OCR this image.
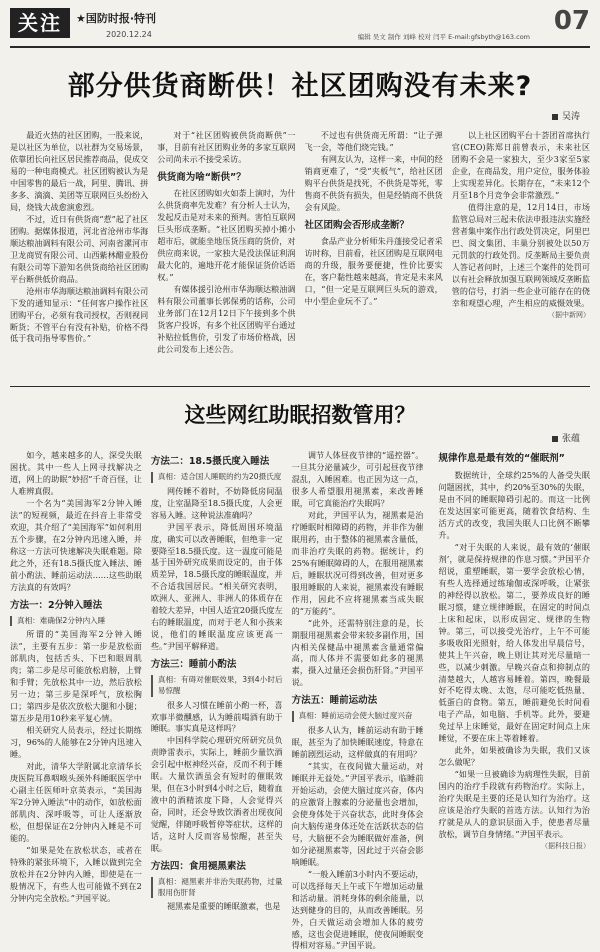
关注	★国防时报·特刊
2020.12.24	编辑 吴文 制作 刘峰 校对 闫平 E-mail:gfsbyth@163.com
07
部分供货商断供！社区团购没有未来?
吴涛

最近火热的社区团购，一股来说，是以社区为单位，以社群为交易场景，依靠团长向社区居民推荐商品，促成交易的一种电商模式。社区团购被认为是中国零售的最后一战，阿里、腾讯、拼多多、滴滴、美团等互联网巨头纷纷入局，烧钱大战愈演愈烈。

不过，近日有供货商“惹”起了社区团购。据媒体报道，河北省沧州市华海顺达粮油调料有限公司、河南省漯河市卫龙商贸有限公司、山西紫林醋业股份有限公司等下游知名供货商给社区团购平台断供低价商品。

沧州市华海顺达粮油调料有限公司下发的通知显示：“任何客户操作社区团购平台，必须有我司授权，否则视同断货；不管平台有没有补贴，价格不得低于我司指导零售价。”

对于“社区团购被供货商断供”一事，目前有社区团购业务的多家互联网公司尚未示不接受采访。

供货商为啥“断供”？

在社区团购如火如荼上演时，为什么供货商率先发难？有分析人士认为，发起反击是对未来的预判。害怕互联网巨头形成垄断。“社区团购买掉小摊小超市后，就能坐地压货压商的货价，对供应商来说，一家独大是没法保证利润最大化的，遍地开花才能保证货价话语权。”

有媒体援引沧州市华海顺达粮油调料有限公司董事长郭保勇的话称，公司业务部门在12月12日下午接到多个供货客户投诉，有多个社区团购平台通过补贴拉低售价，引发了市场价格战，因此公司发布上述公告。

不过也有供货商无所谓：“让子弹飞一会，等他们烧完钱。”

有网友认为，这样一来，中间的经销商更难了，“受”夹板气”，给社区团购平台供货是找死，不供货是等死，零售商不供货有损失，但是经销商不供货会有风险。

社区团购会否形成垄断？

食品产业分析师朱丹蓬接受记者采访时称，目前看，社区团购是互联网电商的升级，服务要便捷，性价比要实在，客户黏性越来越高，肯定是未来风口，“但一定是互联网巨头玩的游戏，中小型企业玩不了。”

以上社区团购平台十荟团首席执行官(CEO)陈郑日前曾表示，未来社区团购不会是一家独大，至少3家至5家企业，在商品发，用户定位，服务体验上实现差异化。长期存在，“未来12个月至18个月竞争会非常激烈。”

值得注意的是，12月14日，市场监管总局对三起未依法申报违法实施经营者集中案作出行政处罚决定，阿里巴巴、阅文集团、丰巢分别被处以50万元罚款的行政处罚。反垄断局主要负责人答记者问时，上述三个案件的处罚可以有社会释放加强互联网领域反垄断监管的信号，打消一些企业可能存在的侥幸和观望心理，产生相应的威慑效果。

（据中新网）
这些网红助眠招数管用？
张蕴

如今，越来越多的人，深受失眠困扰。其中一些人上网寻找解决之道，网上的助眠“妙招”千奇百怪，让人难辨真假。

一个名为“美国海军2分钟入睡法”的短视频，最近在抖音上非常受欢迎，其介绍了“美国海军”如何利用五个步骤，在2分钟内迅速入睡，并称这一方法可快速解决失眠难题。除此之外，还有18.5摄氏度入睡法、睡前小酌法、睡前运动法……这些助眠方法真的有效吗？

方法一：2分钟入睡法
真相：难确保2分钟内入睡

所谓的“美国海军2分钟入睡法”，主要有五步：第一步是放松面部肌肉，包括舌头、下巴和眼周肌肉；第二步是尽可能放松肩膀，上臂和手臂；先放松其中一边，然后放松另一边；第三步是深呼气，放松胸口；第四步是依次放松大腿和小腿；第五步是用10秒来平复心情。

相关研究人员表示，经过长期练习，96%的人能够在2分钟内迅速入睡。

对此，清华大学附属北京清华长庚医院耳鼻咽喉头颈外科睡眠医学中心副主任医师叶京英表示，“美国海军2分钟入睡法”中的动作，如放松面部肌肉、深呼吸等，可让人逐渐放松，但想保证在2分钟内入睡是不可能的。

“如果是处在放松状态，或者在特殊的紧张环境下，入睡以做到完全放松并在2分钟内入睡，即使是在一般情况下，有些人也可能做不到在2分钟内完全放松。”尹国平说。

方法二：18.5摄氏度入睡法
真相：适合国人睡眠的约为20摄氏度

网传睡不着时，不妨降低房间温度，让室温降至18.5摄氏度，人会更容易入睡。这种说法准确吗？

尹国平表示，降低周围环境温度，确实可以改善睡眠，但绝非一定要降至18.5摄氏度。这一温度可能是基于国外研究成果而设定的，由于体质差异，18.5摄氏度的睡眠温度，并不合适我国居民。“相关研究表明，欧洲人、亚洲人、非洲人的体质存在着较大差异，中国人适宜20摄氏度左右的睡眠温度，而对于老人和小孩来说，他们的睡眠温度应该更高一些。”尹国平解释道。

方法三：睡前小酌法
真相：有碍对催眠效果，3到4小时后易惊醒

很多人习惯在睡前小酌一杯，喜欢事半微醺感，认为睡前喝酒有助于睡眠。事实真是这样吗？

中国科学院心理研究所研究员负责睁雷表示，实际上，睡前少量饮酒会引起中枢神经兴奋，反而不利于睡眠。大量饮酒虽会有短时的催眠效果，但在3小时到4小时之后，随着血液中的酒精浓度下降，人会觉得兴奋，同时，还会导致饮酒者出现夜间觉醒，伴随呼吸暂停等症状，这样的话，这时人反而容易惊醒，甚至失眠。

方法四：食用褪黑素法
真相：褪黑素并非治失眠药物，过量服用伤肝肾

褪黑素是重要的睡眠激素，也是

调节人体昼夜节律的“遥控器”。一旦其分泌量减少，可引起昼夜节律混乱，入睡困难。也正因为这一点，很多人希望服用褪黑素，来改善睡眠，可它真能治疗失眠吗？

对此，尹国平认为，褪黑素是治疗睡眠时相障碍的药物，并非作为催眠用药，由于整体的褪黑素含量低，而非治疗失眠的药物。据统计，约25%有睡眠障碍的人，在服用褪黑素后，睡眠状况可得到改善，但对更多服用睡眠的人来说，褪黑素没有睡眠作用，因此不应将褪黑素当成失眠的“万能药”。

“此外，还需特别注意的是，长期服用褪黑素会带来较多副作用，国内相关保健品中褪黑素含量通常偏高，而人体并不需要如此多的褪黑素，摄入过量还会损伤肝肾。”尹国平说。

方法五：睡前运动法
真相：睡前运动会使大脑过度兴奋

很多人认为，睡前运动有助于睡眠，甚至为了加快睡眠速度，特意在睡前剧烈运动，这样做真的有用吗？

“其实，在夜间做大量运动，对睡眠并无益处。”尹国平表示，临睡前开始运动，会使大脑过度兴奋，体内的应激肾上腺素的分泌量也会增加，会使身体处于兴奋状态，此时身体会向大脑传递身体还处在活跃状态的信号，大脑便不会为睡眠做好准备，例如分泌褪黑素等，因此过于兴奋会影响睡眠。

“一般入睡前3小时内不要运动，可以选择每天上午或下午增加运动量和活动量。消耗身体的剩余能量，以达到健身的目的，从而改善睡眠。另外，白天做运动会增加人体的疲劳感，这也会促进睡眠，使夜间睡眠变得相对容易。”尹国平说。

规律作息是最有效的“催眠剂”

数据统计，全球约25%的人备受失眠问题困扰，其中，约20%至30%的失眠，是由不同的睡眠障碍引起的。而这一比例在发达国家可能更高，随着饮食结构、生活方式的改变，我国失眠人口比例不断攀升。

“对于失眠的人来说，最有效的‘催眠剂’，就是保持规律的作息习惯。”尹国平介绍说，重塑睡眠，第一要学会放松心情，有些人选择通过练瑜伽或深呼吸，让紧张的神经得以放松。第二，要养成良好的睡眠习惯，建立规律睡眠，在固定的时间点上床和起床，以形成固定、规律的生物钟。第三，可以接受光治疗，上午不可能多吸收阳光照射，给人体发出早晨信号，使其上午兴奋，晚上则让其对光尽量暗一些，以减少刺激。早晚兴奋点和抑制点的清楚越大，人越容易睡着。第四，晚餐最好不吃得太晚、太饱，尽可能吃低热量、低蛋白的食物。第五，睡前避免长时间看电子产品，如电脑、手机等。此外，要避免过早上床睡觉，最好在固定时间点上床睡觉，不要在床上等着睡着。

此外，如果被确诊为失眠，我们又该怎么做呢？

“如果一旦被确诊为病理性失眠，目前国内的治疗手段就有药物治疗。实际上，治疗失眠是主要的还是认知行为治疗。这应该是治疗失眠的首选方法。认知行为治疗就是从人的意识层面入手，使患者尽量放松，调节自身情绪。”尹国平表示。

（据科技日报）
